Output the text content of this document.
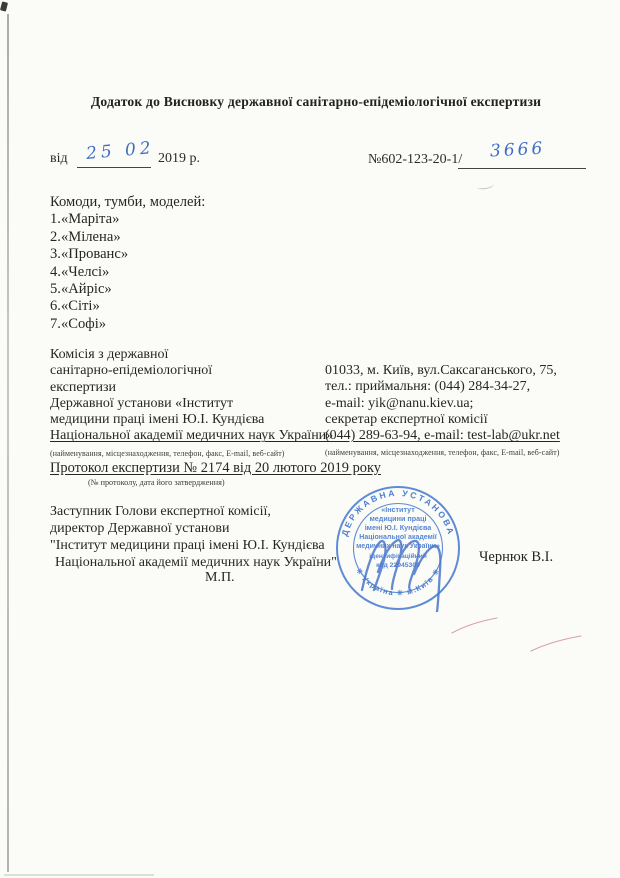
Додаток до Висновку державної санітарно-епідеміологічної експертизи
від 25 02 2019 р.	№602-123-20-1/ 3666
Комоди, тумби, моделей:
1.«Маріта»
2.«Мілена»
3.«Прованс»
4.«Челсі»
5.«Айріс»
6.«Сіті»
7.«Софі»
Комісія з державної
санітарно-епідеміологічної
експертизи
Державної установи «Інститут
медицини праці імені Ю.І. Кундієва
Національної академії медичних наук України»
(найменування, місцезнаходження, телефон, факс, E-mail, веб-сайт)
01033, м. Київ, вул.Саксаганського, 75,
тел.: приймальня: (044) 284-34-27,
e-mail: yik@nanu.kiev.ua;
секретар експертної комісії
(044) 289-63-94, e-mail: test-lab@ukr.net
(найменування, місцезнаходження, телефон, факс, E-mail, веб-сайт)
Протокол експертизи № 2174 від 20 лютого 2019 року
(№ протоколу, дата його затвердження)
Заступник Голови експертної комісії,
директор Державної установи
"Інститут медицини праці імені Ю.І. Кундієва
Національної академії медичних наук України"
М.П.
Чернюк В.І.
ДЕРЖАВНА УСТАНОВА
✳ Україна ✳ м.Київ ✳
«Інститут
медицини праці
імені Ю.І. Кундієва
Національної академії
медичних наук України»
ідентифікаційний
код 22945309
